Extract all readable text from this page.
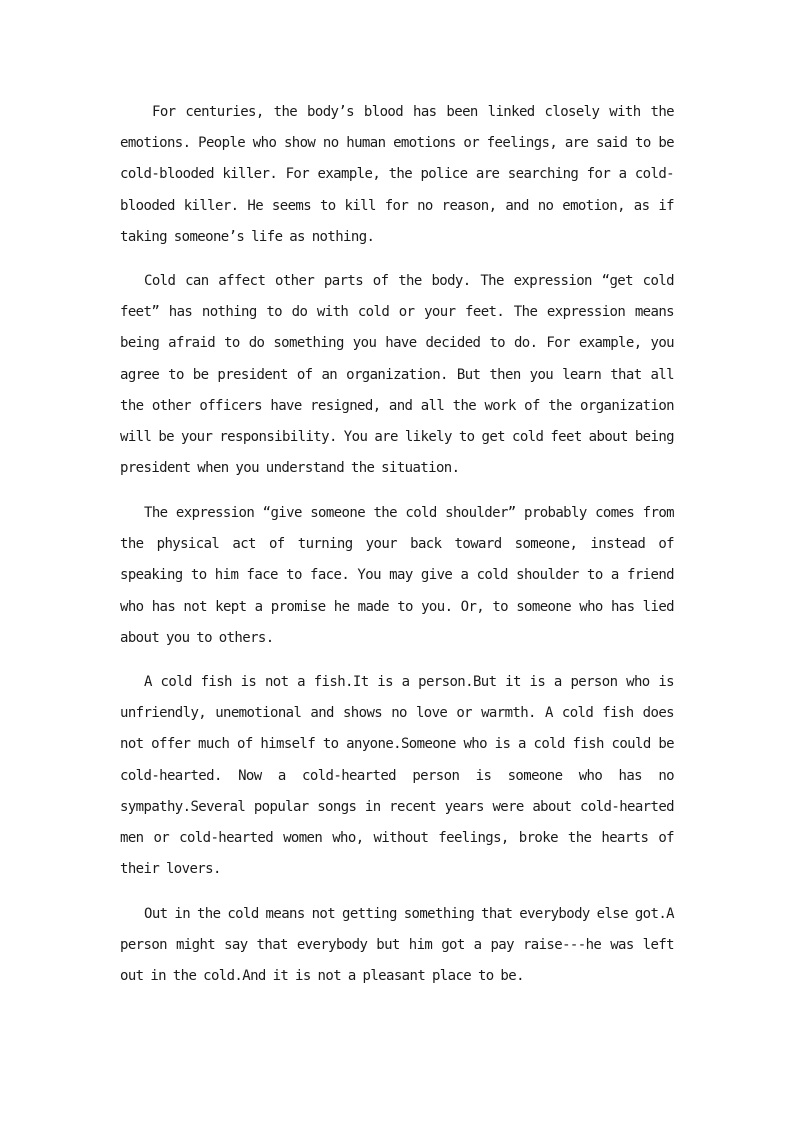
For centuries, the body’s blood has been linked closely with the emotions. People who show no human emotions or feelings, are said to be cold-blooded killer. For example, the police are searching for a cold-blooded killer. He seems to kill for no reason, and no emotion, as if taking someone’s life as nothing.

Cold can affect other parts of the body. The expression “get cold feet” has nothing to do with cold or your feet. The expression means being afraid to do something you have decided to do. For example, you agree to be president of an organization. But then you learn that all the other officers have resigned, and all the work of the organization will be your responsibility. You are likely to get cold feet about being president when you understand the situation.

The expression “give someone the cold shoulder” probably comes from the physical act of turning your back toward someone, instead of speaking to him face to face. You may give a cold shoulder to a friend who has not kept a promise he made to you. Or, to someone who has lied about you to others.

A cold fish is not a fish.It is a person.But it is a person who is unfriendly, unemotional and shows no love or warmth. A cold fish does not offer much of himself to anyone.Someone who is a cold fish could be cold-hearted. Now a cold-hearted person is someone who has no sympathy.Several popular songs in recent years were about cold-hearted men or cold-hearted women who, without feelings, broke the hearts of their lovers.

Out in the cold means not getting something that everybody else got.A person might say that everybody but him got a pay raise---he was left out in the cold.And it is not a pleasant place to be.
